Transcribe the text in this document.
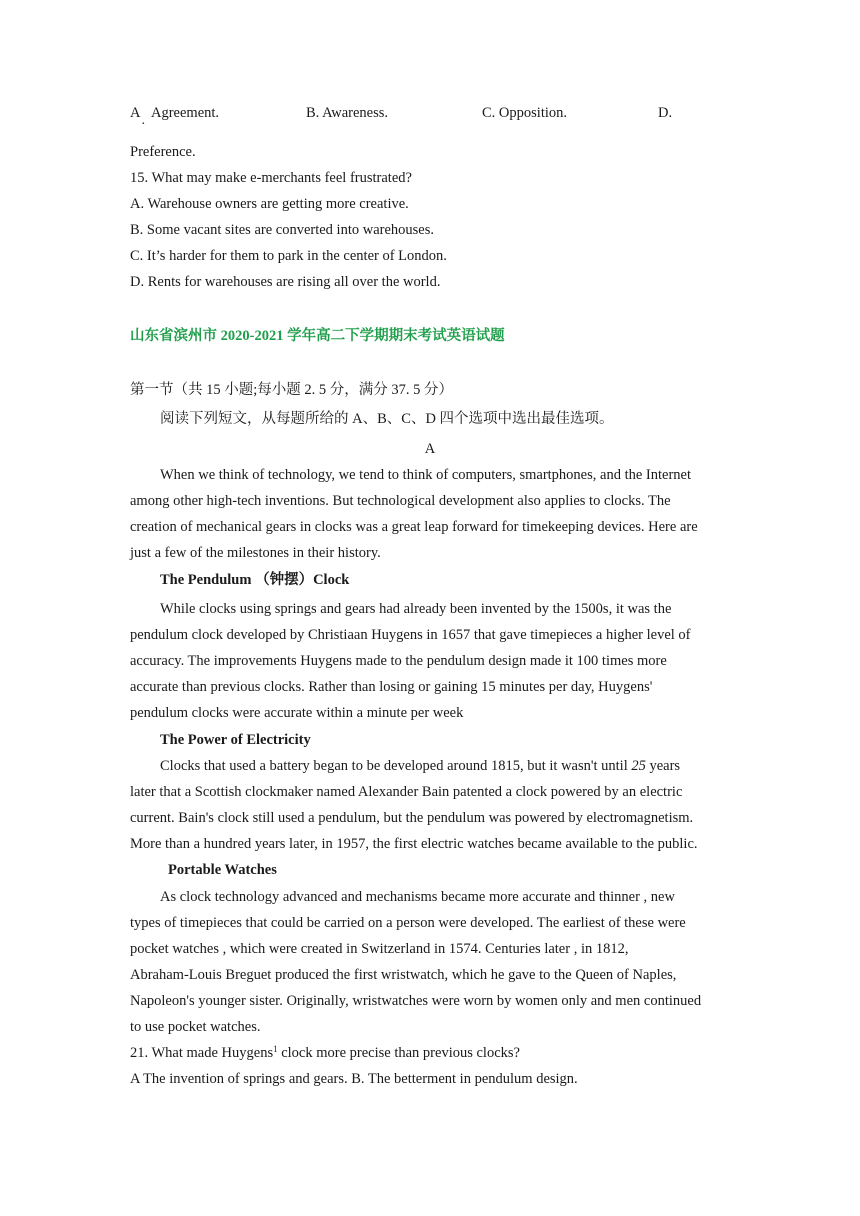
A Agreement.
·
B. Awareness.	C. Opposition.	D.
Preference.
15. What may make e-merchants feel frustrated?
A. Warehouse owners are getting more creative.
B. Some vacant sites are converted into warehouses.
C. It’s harder for them to park in the center of London.
D. Rents for warehouses are rising all over the world.
山东省滨州市 2020-2021 学年高二下学期期末考试英语试题
第一节（共 15 小题;每小题 2. 5 分，满分 37. 5 分）
阅读下列短文，从每题所给的 A、B、C、D 四个选项中选出最佳选项。
A
When we think of technology, we tend to think of computers, smartphones, and the Internet
among other high-tech inventions. But technological development also applies to clocks. The
creation of mechanical gears in clocks was a great leap forward for timekeeping devices. Here are
just a few of the milestones in their history.
The Pendulum （钟摆）Clock
While clocks using springs and gears had already been invented by the 1500s, it was the
pendulum clock developed by Christiaan Huygens in 1657 that gave timepieces a higher level of
accuracy. The improvements Huygens made to the pendulum design made it 100 times more
accurate than previous clocks. Rather than losing or gaining 15 minutes per day, Huygens'
pendulum clocks were accurate within a minute per week
The Power of Electricity
Clocks that used a battery began to be developed around 1815, but it wasn't until 25 years
later that a Scottish clockmaker named Alexander Bain patented a clock powered by an electric
current. Bain's clock still used a pendulum, but the pendulum was powered by electromagnetism.
More than a hundred years later, in 1957, the first electric watches became available to the public.
Portable Watches
As clock technology advanced and mechanisms became more accurate and thinner , new
types of timepieces that could be carried on a person were developed. The earliest of these were
pocket watches , which were created in Switzerland in 1574. Centuries later , in 1812,
Abraham-Louis Breguet produced the first wristwatch, which he gave to the Queen of Naples,
Napoleon's younger sister. Originally, wristwatches were worn by women only and men continued
to use pocket watches.
21. What made Huygens$^1$ clock more precise than previous clocks?
A The invention of springs and gears. B. The betterment in pendulum design.
